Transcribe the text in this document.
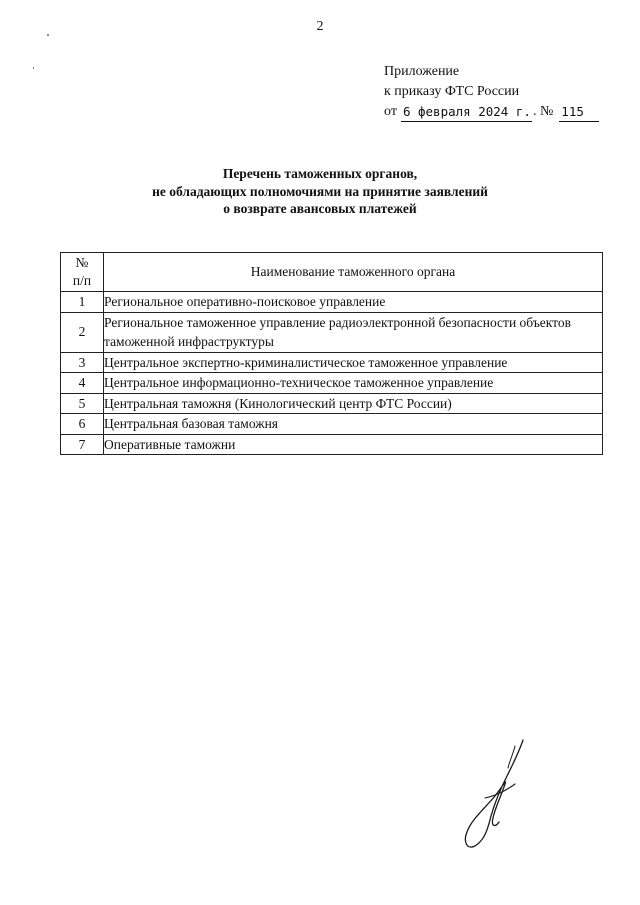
2
Приложение
к приказу ФТС России
от 6 февраля 2024 г. . № 115
Перечень таможенных органов,
не обладающих полномочиями на принятие заявлений
о возврате авансовых платежей
№
п/п	Наименование таможенного органа
1	Региональное оперативно-поисковое управление
2	Региональное таможенное управление радиоэлектронной безопасности объектов таможенной инфраструктуры
3	Центральное экспертно-криминалистическое таможенное управление
4	Центральное информационно-техническое таможенное управление
5	Центральная таможня (Кинологический центр ФТС России)
6	Центральная базовая таможня
7	Оперативные таможни
